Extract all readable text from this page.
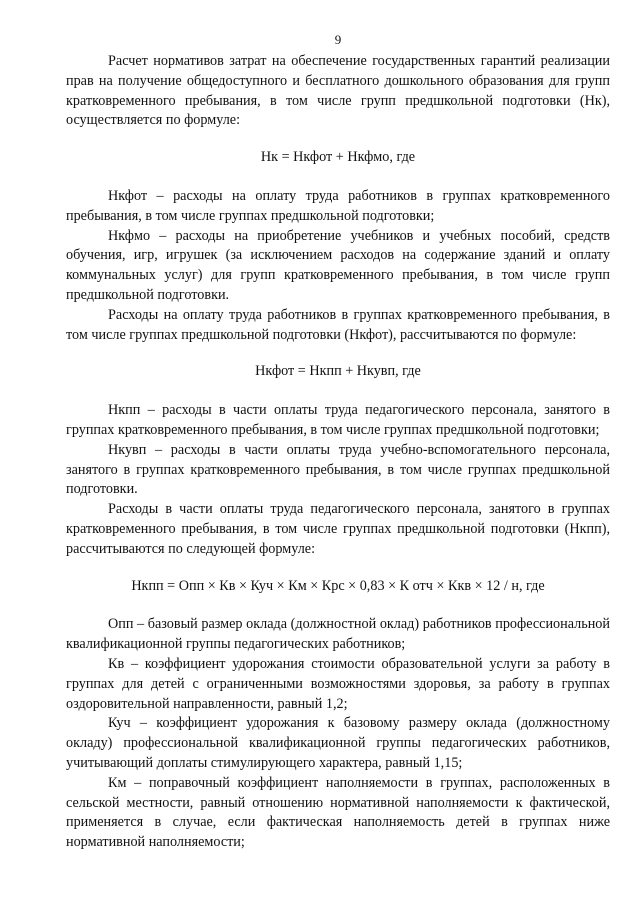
9

Расчет нормативов затрат на обеспечение государственных гарантий реализации прав на получение общедоступного и бесплатного дошкольного образования для групп кратковременного пребывания, в том числе групп предшкольной подготовки (Нк), осуществляется по формуле:

Нк = Нкфот + Нкфмо, где

Нкфот – расходы на оплату труда работников в группах кратковременного пребывания, в том числе группах предшкольной подготовки;

Нкфмо – расходы на приобретение учебников и учебных пособий, средств обучения, игр, игрушек (за исключением расходов на содержание зданий и оплату коммунальных услуг) для групп кратковременного пребывания, в том числе групп предшкольной подготовки.

Расходы на оплату труда работников в группах кратковременного пребывания, в том числе группах предшкольной подготовки (Нкфот), рассчитываются по формуле:

Нкфот = Нкпп + Нкувп, где

Нкпп – расходы в части оплаты труда педагогического персонала, занятого в группах кратковременного пребывания, в том числе группах предшкольной подготовки;

Нкувп – расходы в части оплаты труда учебно-вспомогательного персонала, занятого в группах кратковременного пребывания, в том числе группах предшкольной подготовки.

Расходы в части оплаты труда педагогического персонала, занятого в группах кратковременного пребывания, в том числе группах предшкольной подготовки (Нкпп), рассчитываются по следующей формуле:

Нкпп = Опп × Кв × Куч × Км × Крс × 0,83 × К отч × Ккв × 12 / н, где

Опп – базовый размер оклада (должностной оклад) работников профессиональной квалификационной группы педагогических работников;

Кв – коэффициент удорожания стоимости образовательной услуги за работу в группах для детей с ограниченными возможностями здоровья, за работу в группах оздоровительной направленности, равный 1,2;

Куч – коэффициент удорожания к базовому размеру оклада (должностному окладу) профессиональной квалификационной группы педагогических работников, учитывающий доплаты стимулирующего характера, равный 1,15;

Км – поправочный коэффициент наполняемости в группах, расположенных в сельской местности, равный отношению нормативной наполняемости к фактической, применяется в случае, если фактическая наполняемость детей в группах ниже нормативной наполняемости;
